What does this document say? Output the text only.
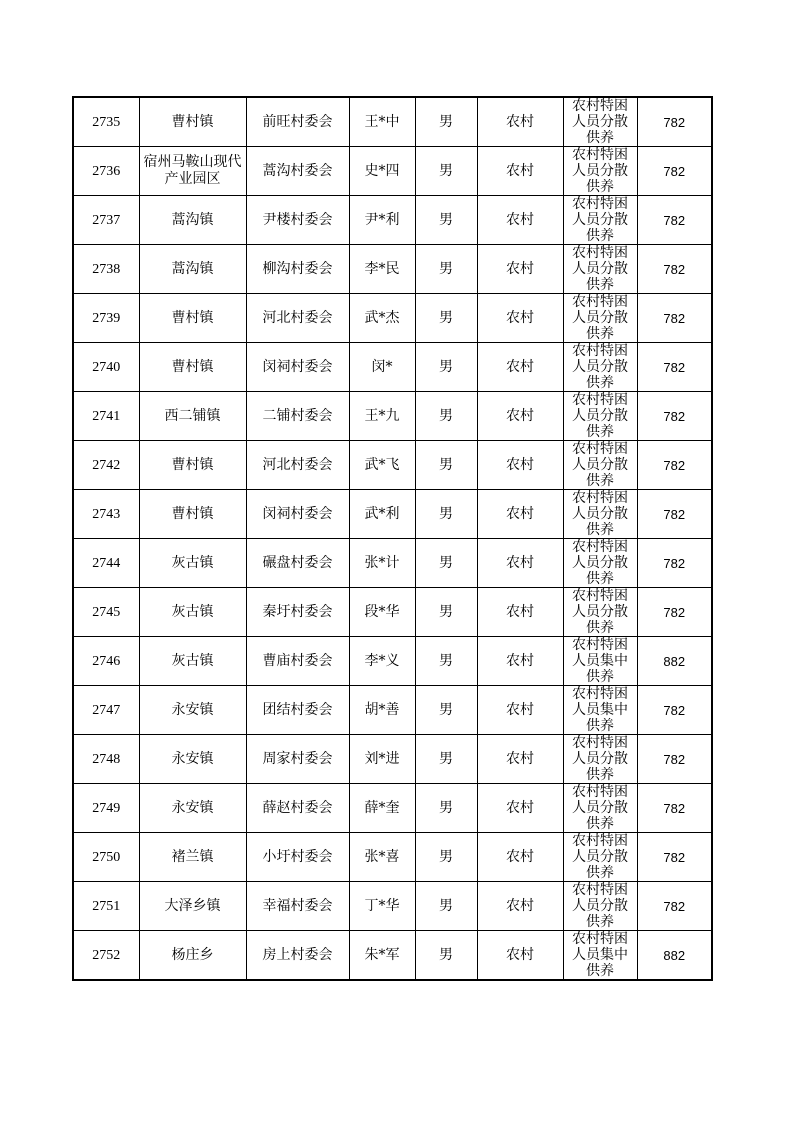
2735	曹村镇	前旺村委会	王*中	男	农村	农村特困人员分散供养	782
2736	宿州马鞍山现代产业园区	蒿沟村委会	史*四	男	农村	农村特困人员分散供养	782
2737	蒿沟镇	尹楼村委会	尹*利	男	农村	农村特困人员分散供养	782
2738	蒿沟镇	柳沟村委会	李*民	男	农村	农村特困人员分散供养	782
2739	曹村镇	河北村委会	武*杰	男	农村	农村特困人员分散供养	782
2740	曹村镇	闵祠村委会	闵*	男	农村	农村特困人员分散供养	782
2741	西二铺镇	二铺村委会	王*九	男	农村	农村特困人员分散供养	782
2742	曹村镇	河北村委会	武*飞	男	农村	农村特困人员分散供养	782
2743	曹村镇	闵祠村委会	武*利	男	农村	农村特困人员分散供养	782
2744	灰古镇	碾盘村委会	张*计	男	农村	农村特困人员分散供养	782
2745	灰古镇	秦圩村委会	段*华	男	农村	农村特困人员分散供养	782
2746	灰古镇	曹庙村委会	李*义	男	农村	农村特困人员集中供养	882
2747	永安镇	团结村委会	胡*善	男	农村	农村特困人员集中供养	782
2748	永安镇	周家村委会	刘*进	男	农村	农村特困人员分散供养	782
2749	永安镇	薛赵村委会	薛*奎	男	农村	农村特困人员分散供养	782
2750	褚兰镇	小圩村委会	张*喜	男	农村	农村特困人员分散供养	782
2751	大泽乡镇	幸福村委会	丁*华	男	农村	农村特困人员分散供养	782
2752	杨庄乡	房上村委会	朱*军	男	农村	农村特困人员集中供养	882
